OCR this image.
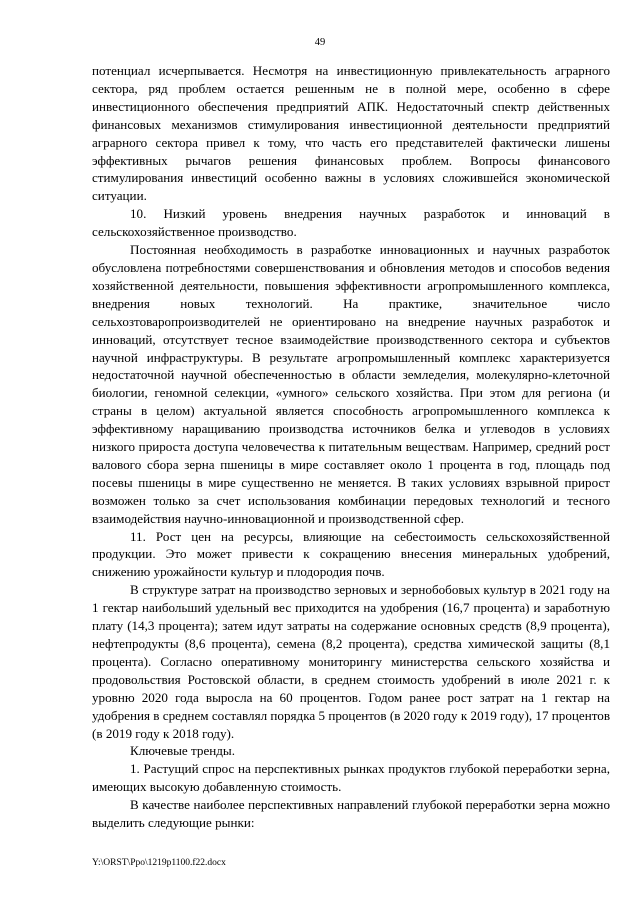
49

потенциал исчерпывается. Несмотря на инвестиционную привлекательность аграрного сектора, ряд проблем остается решенным не в полной мере, особенно в сфере инвестиционного обеспечения предприятий АПК. Недостаточный спектр действенных финансовых механизмов стимулирования инвестиционной деятельности предприятий аграрного сектора привел к тому, что часть его представителей фактически лишены эффективных рычагов решения финансовых проблем. Вопросы финансового стимулирования инвестиций особенно важны в условиях сложившейся экономической ситуации.

10. Низкий уровень внедрения научных разработок и инноваций в сельскохозяйственное производство.

Постоянная необходимость в разработке инновационных и научных разработок обусловлена потребностями совершенствования и обновления методов и способов ведения хозяйственной деятельности, повышения эффективности агропромышленного комплекса, внедрения новых технологий. На практике, значительное число сельхозтоваропроизводителей не ориентировано на внедрение научных разработок и инноваций, отсутствует тесное взаимодействие производственного сектора и субъектов научной инфраструктуры. В результате агропромышленный комплекс характеризуется недостаточной научной обеспеченностью в области земледелия, молекулярно-клеточной биологии, геномной селекции, «умного» сельского хозяйства. При этом для региона (и страны в целом) актуальной является способность агропромышленного комплекса к эффективному наращиванию производства источников белка и углеводов в условиях низкого прироста доступа человечества к питательным веществам. Например, средний рост валового сбора зерна пшеницы в мире составляет около 1 процента в год, площадь под посевы пшеницы в мире существенно не меняется. В таких условиях взрывной прирост возможен только за счет использования комбинации передовых технологий и тесного взаимодействия научно-инновационной и производственной сфер.

11. Рост цен на ресурсы, влияющие на себестоимость сельскохозяйственной продукции. Это может привести к сокращению внесения минеральных удобрений, снижению урожайности культур и плодородия почв.

В структуре затрат на производство зерновых и зернобобовых культур в 2021 году на 1 гектар наибольший удельный вес приходится на удобрения (16,7 процента) и заработную плату (14,3 процента); затем идут затраты на содержание основных средств (8,9 процента), нефтепродукты (8,6 процента), семена (8,2 процента), средства химической защиты (8,1 процента). Согласно оперативному мониторингу министерства сельского хозяйства и продовольствия Ростовской области, в среднем стоимость удобрений в июле 2021 г. к уровню 2020 года выросла на 60 процентов. Годом ранее рост затрат на 1 гектар на удобрения в среднем составлял порядка 5 процентов (в 2020 году к 2019 году), 17 процентов (в 2019 году к 2018 году).

Ключевые тренды.

1. Растущий спрос на перспективных рынках продуктов глубокой переработки зерна, имеющих высокую добавленную стоимость.

В качестве наиболее перспективных направлений глубокой переработки зерна можно выделить следующие рынки:

Y:\ORST\Ppo\1219p1100.f22.docx
